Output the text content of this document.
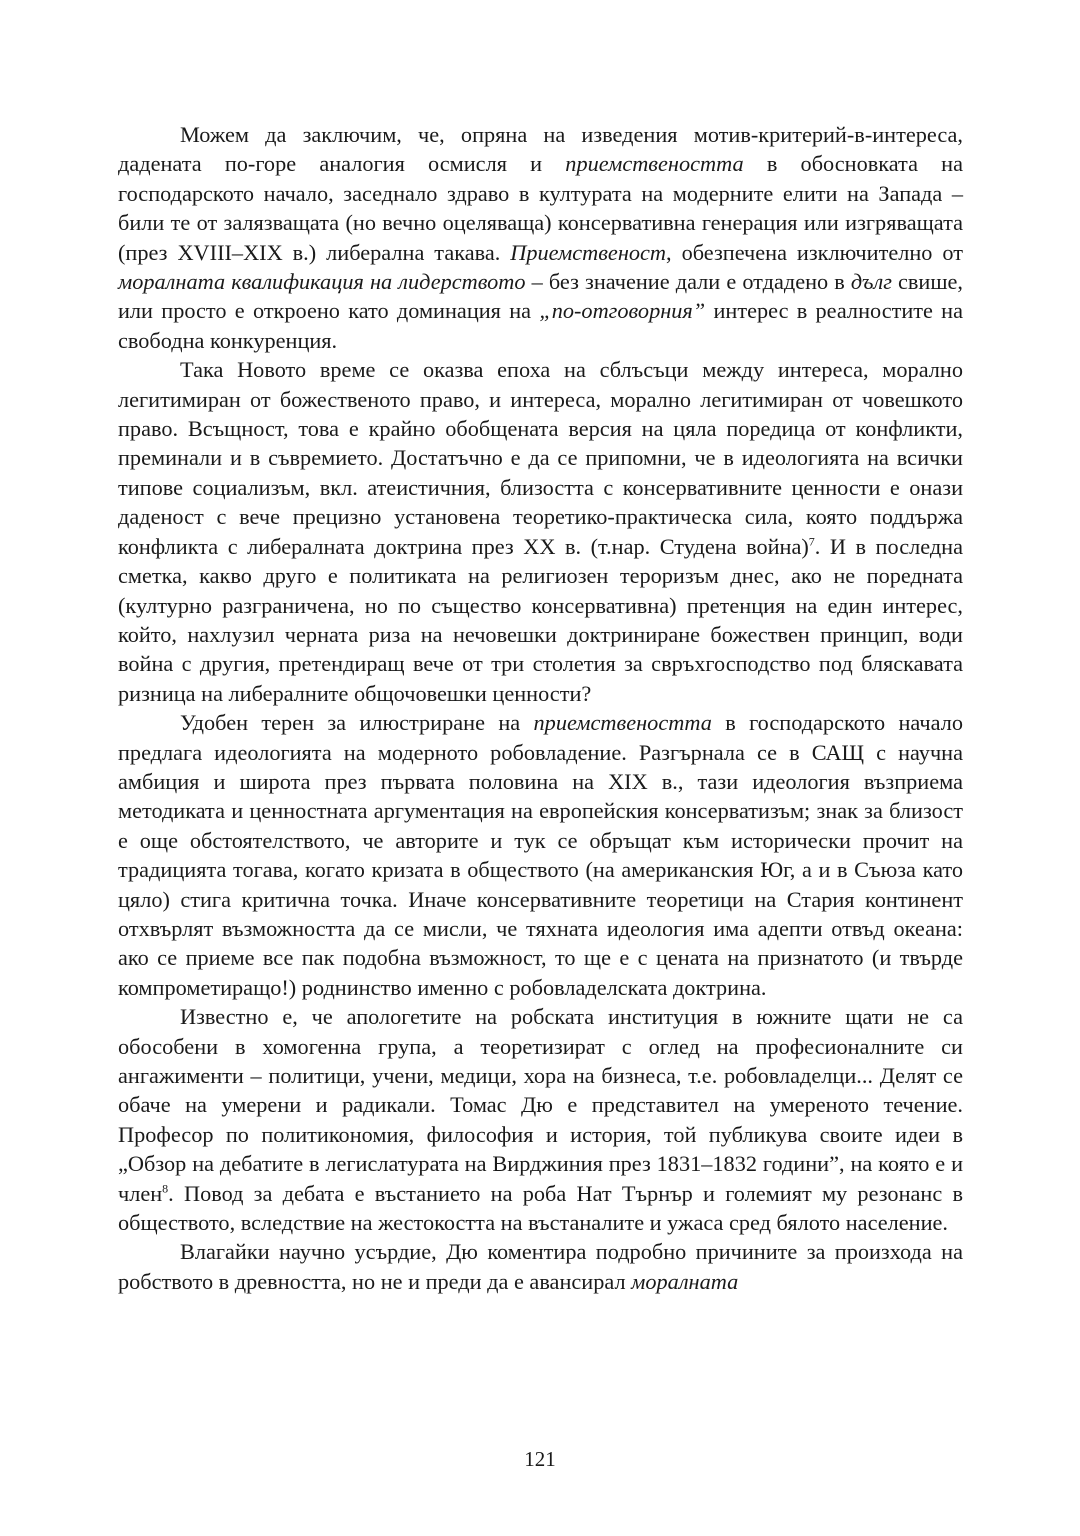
Можем да заключим, че, опряна на изведения мотив-критерий-в-интереса, дадената по-горе аналогия осмисля и приемствеността в обосновката на господарското начало, заседнало здраво в културата на модерните елити на Запада – били те от залязващата (но вечно оцеляваща) консервативна генерация или изгряващата (през XVIII–XIX в.) либерална такава. Приемственост, обезпечена изключително от моралната квалификация на лидерството – без значение дали е отдадено в дълг свише, или просто е откроено като доминация на „по-отговорния” интерес в реалностите на свободна конкуренция.

Така Новото време се оказва епоха на сблъсъци между интереса, морално легитимиран от божественото право, и интереса, морално легитимиран от човешкото право. Всъщност, това е крайно обобщената версия на цяла поредица от конфликти, преминали и в съвремието. Достатъчно е да се припомни, че в идеологията на всички типове социализъм, вкл. атеистичния, близостта с консервативните ценности е онази даденост с вече прецизно установена теоретико-практическа сила, която поддържа конфликта с либералната доктрина през XX в. (т.нар. Студена война)$^7$. И в последна сметка, какво друго е политиката на религиозен тероризъм днес, ако не поредната (културно разграничена, но по същество консервативна) претенция на един интерес, който, нахлузил черната риза на нечовешки доктриниране божествен принцип, води война с другия, претендиращ вече от три столетия за свръхгосподство под бляскавата ризница на либералните общочовешки ценности?

Удобен терен за илюстриране на приемствеността в господарското начало предлага идеологията на модерното робовладение. Разгърнала се в САЩ с научна амбиция и широта през първата половина на XIX в., тази идеология възприема методиката и ценностната аргументация на европейския консерватизъм; знак за близост е още обстоятелството, че авторите и тук се обръщат към исторически прочит на традицията тогава, когато кризата в обществото (на американския Юг, а и в Съюза като цяло) стига критична точка. Иначе консервативните теоретици на Стария континент отхвърлят възможността да се мисли, че тяхната идеология има адепти отвъд океана: ако се приеме все пак подобна възможност, то ще е с цената на признатото (и твърде компрометиращо!) роднинство именно с робовладелската доктрина.

Известно е, че апологетите на робската институция в южните щати не са обособени в хомогенна група, а теоретизират с оглед на професионалните си ангажименти – политици, учени, медици, хора на бизнеса, т.е. робовладелци... Делят се обаче на умерени и радикали. Томас Дю е представител на умереното течение. Професор по политикономия, философия и история, той публикува своите идеи в „Обзор на дебатите в легислатурата на Вирджиния през 1831–1832 години”, на която е и член$^8$. Повод за дебата е въстанието на роба Нат Търнър и големият му резонанс в обществото, вследствие на жестокостта на въстаналите и ужаса сред бялото население.

Влагайки научно усърдие, Дю коментира подробно причините за произхода на робството в древността, но не и преди да е авансирал моралната

121
